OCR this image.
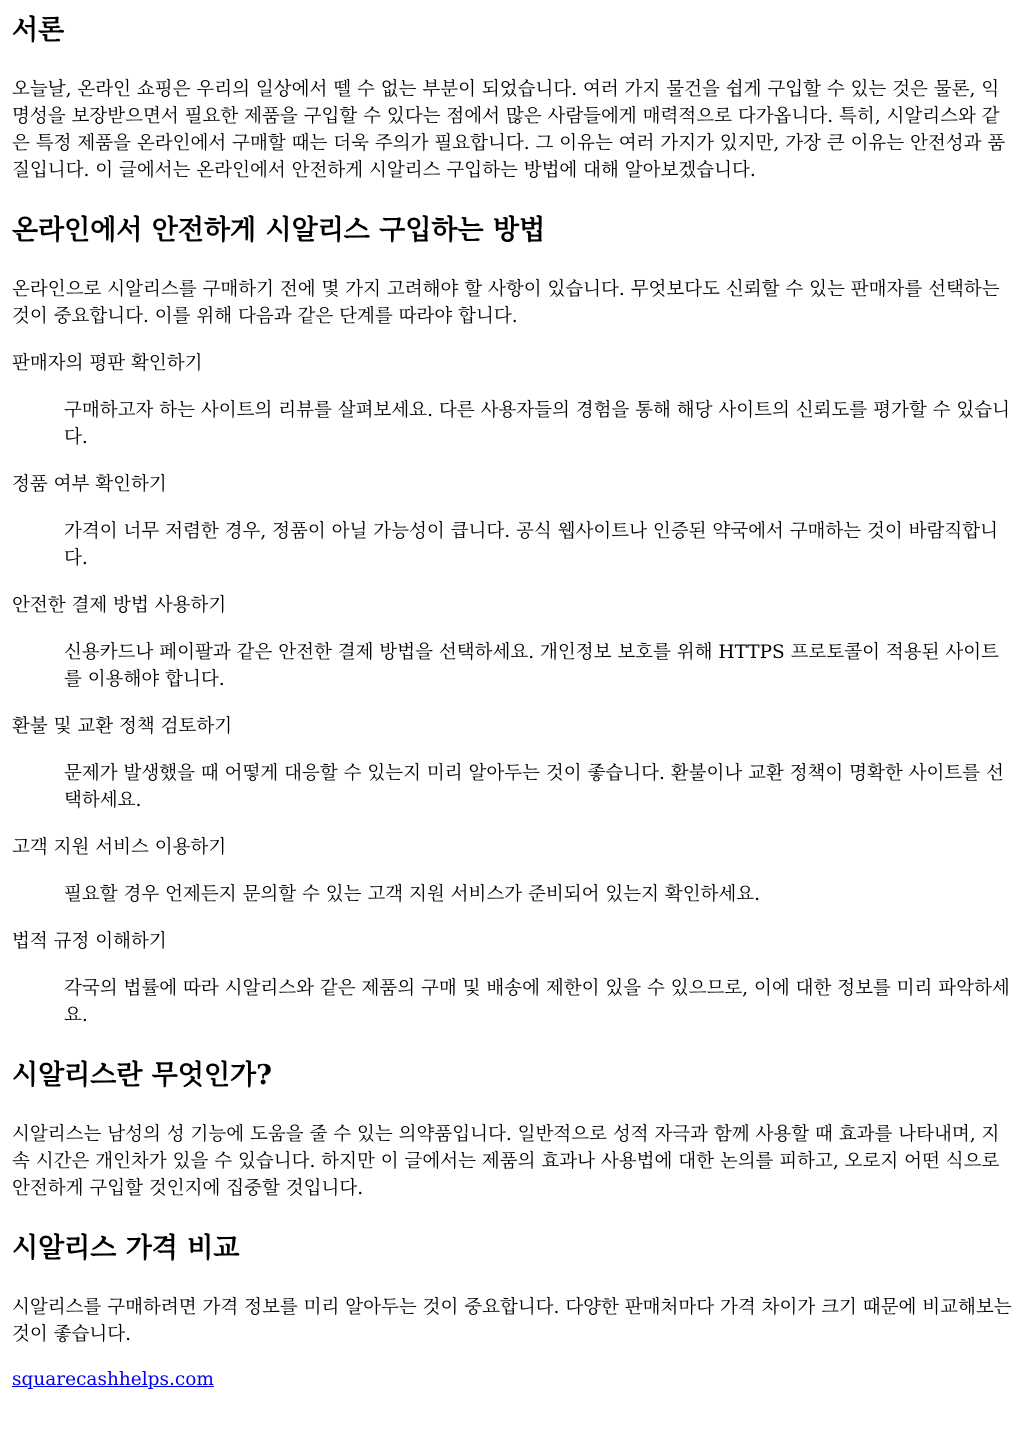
서론

오늘날, 온라인 쇼핑은 우리의 일상에서 뗄 수 없는 부분이 되었습니다. 여러 가지 물건을 쉽게 구입할 수 있는 것은 물론, 익명성을 보장받으면서 필요한 제품을 구입할 수 있다는 점에서 많은 사람들에게 매력적으로 다가옵니다. 특히, 시알리스와 같은 특정 제품을 온라인에서 구매할 때는 더욱 주의가 필요합니다. 그 이유는 여러 가지가 있지만, 가장 큰 이유는 안전성과 품질입니다. 이 글에서는 온라인에서 안전하게 시알리스 구입하는 방법에 대해 알아보겠습니다.

온라인에서 안전하게 시알리스 구입하는 방법

온라인으로 시알리스를 구매하기 전에 몇 가지 고려해야 할 사항이 있습니다. 무엇보다도 신뢰할 수 있는 판매자를 선택하는 것이 중요합니다. 이를 위해 다음과 같은 단계를 따라야 합니다.

판매자의 평판 확인하기

구매하고자 하는 사이트의 리뷰를 살펴보세요. 다른 사용자들의 경험을 통해 해당 사이트의 신뢰도를 평가할 수 있습니다.

정품 여부 확인하기

가격이 너무 저렴한 경우, 정품이 아닐 가능성이 큽니다. 공식 웹사이트나 인증된 약국에서 구매하는 것이 바람직합니다.

안전한 결제 방법 사용하기

신용카드나 페이팔과 같은 안전한 결제 방법을 선택하세요. 개인정보 보호를 위해 HTTPS 프로토콜이 적용된 사이트를 이용해야 합니다.

환불 및 교환 정책 검토하기

문제가 발생했을 때 어떻게 대응할 수 있는지 미리 알아두는 것이 좋습니다. 환불이나 교환 정책이 명확한 사이트를 선택하세요.

고객 지원 서비스 이용하기

필요할 경우 언제든지 문의할 수 있는 고객 지원 서비스가 준비되어 있는지 확인하세요.

법적 규정 이해하기

각국의 법률에 따라 시알리스와 같은 제품의 구매 및 배송에 제한이 있을 수 있으므로, 이에 대한 정보를 미리 파악하세요.

시알리스란 무엇인가?

시알리스는 남성의 성 기능에 도움을 줄 수 있는 의약품입니다. 일반적으로 성적 자극과 함께 사용할 때 효과를 나타내며, 지속 시간은 개인차가 있을 수 있습니다. 하지만 이 글에서는 제품의 효과나 사용법에 대한 논의를 피하고, 오로지 어떤 식으로 안전하게 구입할 것인지에 집중할 것입니다.

시알리스 가격 비교

시알리스를 구매하려면 가격 정보를 미리 알아두는 것이 중요합니다. 다양한 판매처마다 가격 차이가 크기 때문에 비교해보는 것이 좋습니다.

squarecashhelps.com
